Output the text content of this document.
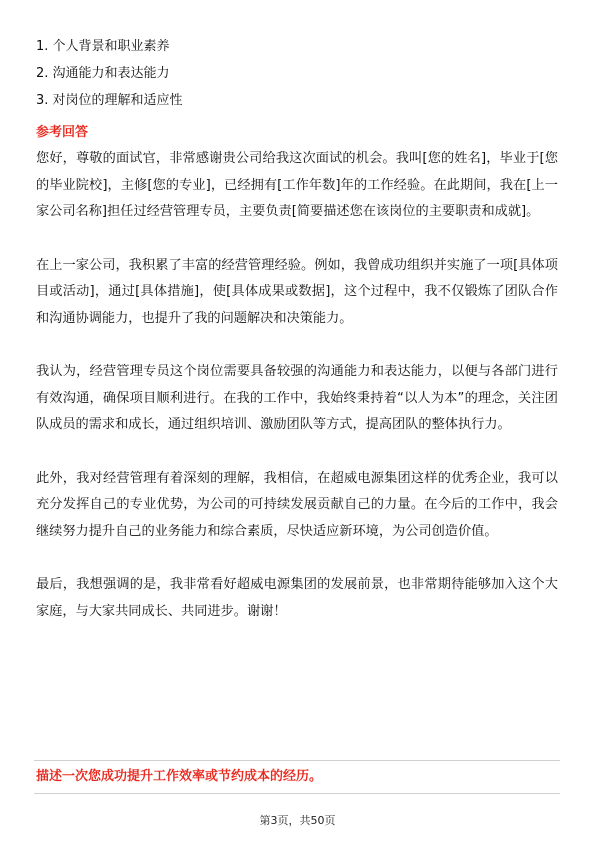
1. 个人背景和职业素养
2. 沟通能力和表达能力
3. 对岗位的理解和适应性
参考回答

您好，尊敬的面试官，非常感谢贵公司给我这次面试的机会。我叫[您的姓名]，毕业于[您的毕业院校]，主修[您的专业]，已经拥有[工作年数]年的工作经验。在此期间，我在[上一家公司名称]担任过经营管理专员，主要负责[简要描述您在该岗位的主要职责和成就]。

在上一家公司，我积累了丰富的经营管理经验。例如，我曾成功组织并实施了一项[具体项目或活动]，通过[具体措施]，使[具体成果或数据]，这个过程中，我不仅锻炼了团队合作和沟通协调能力，也提升了我的问题解决和决策能力。

我认为，经营管理专员这个岗位需要具备较强的沟通能力和表达能力，以便与各部门进行有效沟通，确保项目顺利进行。在我的工作中，我始终秉持着“以人为本”的理念，关注团队成员的需求和成长，通过组织培训、激励团队等方式，提高团队的整体执行力。

此外，我对经营管理有着深刻的理解，我相信，在超威电源集团这样的优秀企业，我可以充分发挥自己的专业优势，为公司的可持续发展贡献自己的力量。在今后的工作中，我会继续努力提升自己的业务能力和综合素质，尽快适应新环境，为公司创造价值。

最后，我想强调的是，我非常看好超威电源集团的发展前景，也非常期待能够加入这个大家庭，与大家共同成长、共同进步。谢谢！

描述一次您成功提升工作效率或节约成本的经历。
第3页，共50页
